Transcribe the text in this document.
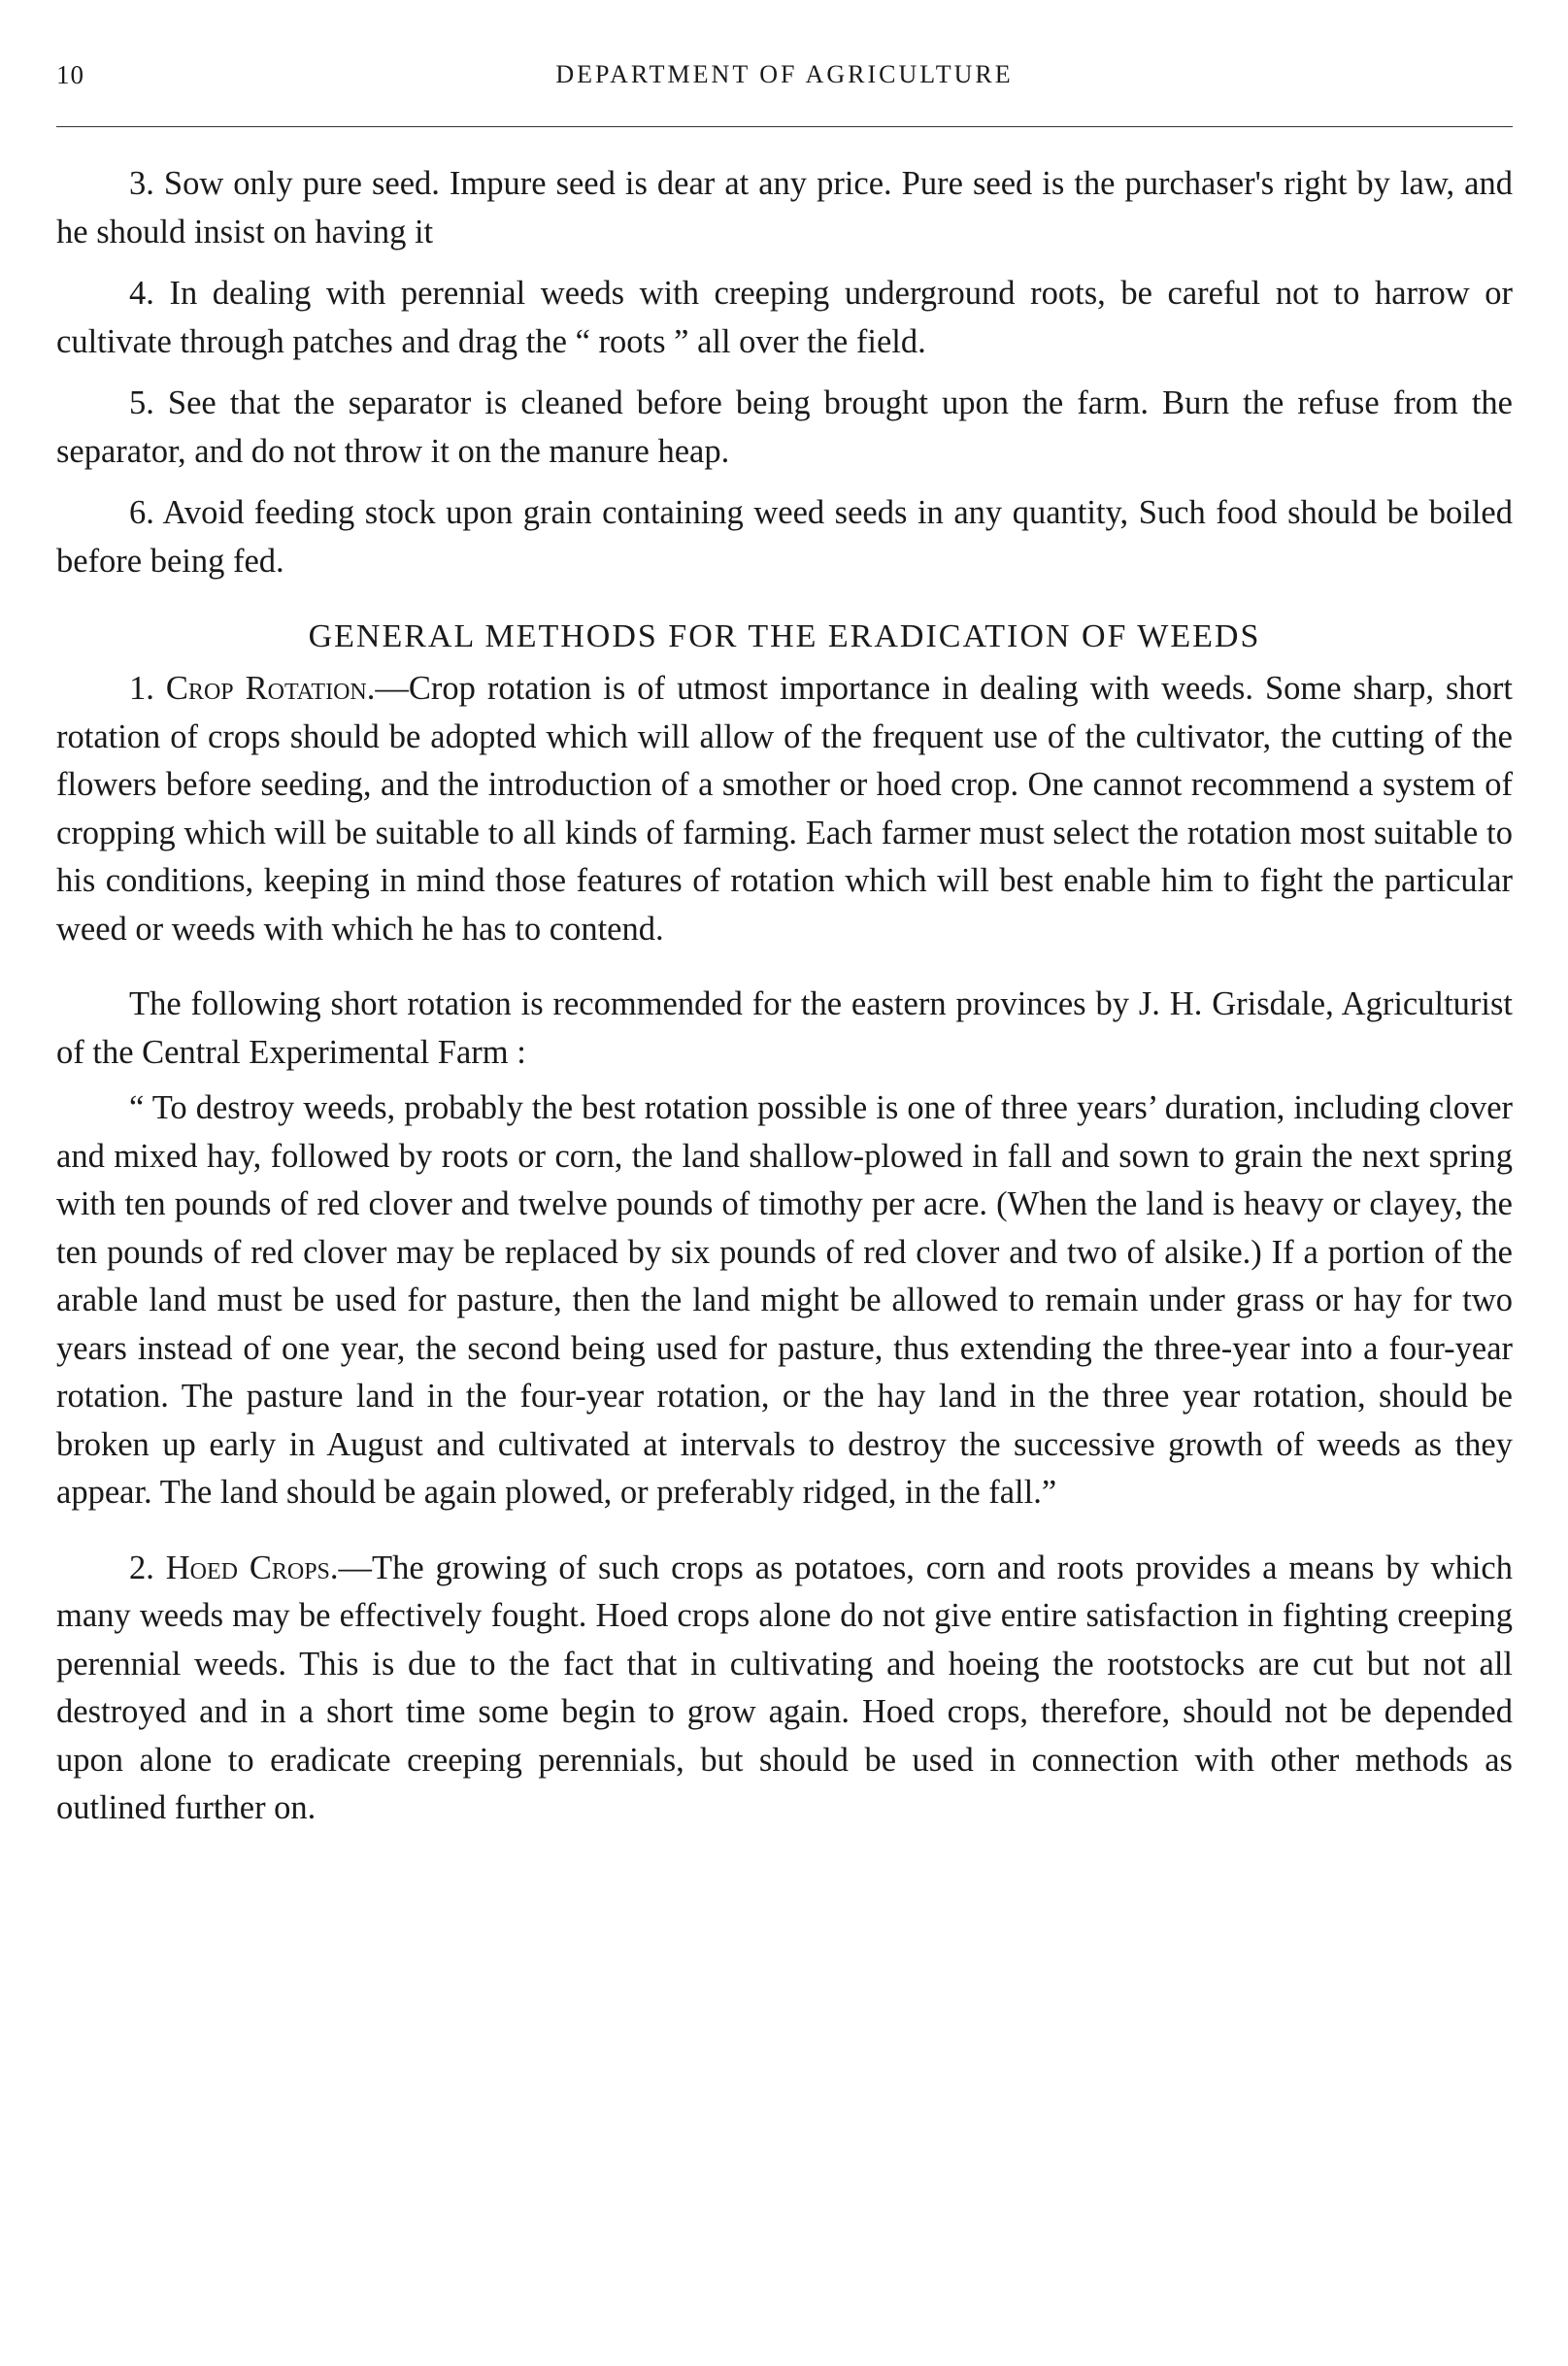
10	DEPARTMENT OF AGRICULTURE

3. Sow only pure seed. Impure seed is dear at any price. Pure seed is the purchaser's right by law, and he should insist on having it

4. In dealing with perennial weeds with creeping underground roots, be careful not to harrow or cultivate through patches and drag the “ roots ” all over the field.

5. See that the separator is cleaned before being brought upon the farm. Burn the refuse from the separator, and do not throw it on the manure heap.

6. Avoid feeding stock upon grain containing weed seeds in any quantity, Such food should be boiled before being fed.

GENERAL METHODS FOR THE ERADICATION OF WEEDS

1. Crop Rotation.—Crop rotation is of utmost importance in dealing with weeds. Some sharp, short rotation of crops should be adopted which will allow of the frequent use of the cultivator, the cutting of the flowers before seeding, and the introduction of a smother or hoed crop. One cannot recommend a system of cropping which will be suitable to all kinds of farming. Each farmer must select the rotation most suitable to his conditions, keeping in mind those features of rotation which will best enable him to fight the particular weed or weeds with which he has to contend.

The following short rotation is recommended for the eastern provinces by J. H. Grisdale, Agriculturist of the Central Experimental Farm :

“ To destroy weeds, probably the best rotation possible is one of three years’ duration, including clover and mixed hay, followed by roots or corn, the land shallow-plowed in fall and sown to grain the next spring with ten pounds of red clover and twelve pounds of timothy per acre. (When the land is heavy or clayey, the ten pounds of red clover may be replaced by six pounds of red clover and two of alsike.) If a portion of the arable land must be used for pasture, then the land might be allowed to remain under grass or hay for two years instead of one year, the second being used for pasture, thus extending the three-year into a four-year rotation. The pasture land in the four-year rotation, or the hay land in the three year rotation, should be broken up early in August and cultivated at intervals to destroy the successive growth of weeds as they appear. The land should be again plowed, or preferably ridged, in the fall.”

2. Hoed Crops.—The growing of such crops as potatoes, corn and roots provides a means by which many weeds may be effectively fought. Hoed crops alone do not give entire satisfaction in fighting creeping perennial weeds. This is due to the fact that in cultivating and hoeing the rootstocks are cut but not all destroyed and in a short time some begin to grow again. Hoed crops, therefore, should not be depended upon alone to eradicate creeping perennials, but should be used in connection with other methods as outlined further on.
